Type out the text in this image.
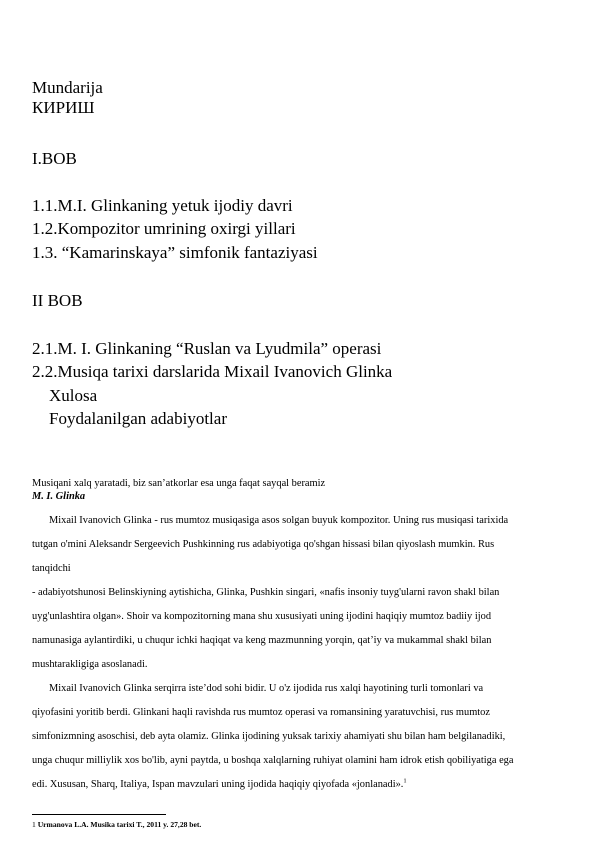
Mundarija
КИРИШ
I.BOB
1.1.M.I. Glinkaning yetuk ijodiy davri
1.2.Kompozitor umrining oxirgi yillari
1.3. “Kamarinskaya” simfonik fantaziyasi
II BOB
2.1.M. I. Glinkaning “Ruslan va Lyudmila” operasi
2.2.Musiqa tarixi darslarida Mixail Ivanovich Glinka
Xulosa
Foydalanilgan adabiyotlar
Musiqani xalq yaratadi, biz san’atkorlar esa unga faqat sayqal beramiz
M. I. Glinka
Mixail Ivanovich Glinka - rus mumtoz musiqasiga asos solgan buyuk kompozitor. Uning rus musiqasi tarixida
tutgan o'mini Aleksandr Sergeevich Pushkinning rus adabiyotiga qo'shgan hissasi bilan qiyoslash mumkin. Rus
tanqidchi
- adabiyotshunosi Belinskiyning aytishicha, Glinka, Pushkin singari, «nafis insoniy tuyg'ularni ravon shakl bilan
uyg'unlashtira olgan». Shoir va kompozitorning mana shu xususiyati uning ijodini haqiqiy mumtoz badiiy ijod
namunasiga aylantirdiki, u chuqur ichki haqiqat va keng mazmunning yorqin, qat’iy va mukammal shakl bilan
mushtarakligiga asoslanadi.
Mixail Ivanovich Glinka serqirra iste’dod sohi bidir. U o'z ijodida rus xalqi hayotining turli tomonlari va
qiyofasini yoritib berdi. Glinkani haqli ravishda rus mumtoz operasi va romansining yaratuvchisi, rus mumtoz
simfonizmning asoschisi, deb ayta olamiz. Glinka ijodining yuksak tarixiy ahamiyati shu bilan ham belgilanadiki,
unga chuqur milliylik xos bo'lib, ayni paytda, u boshqa xalqlarning ruhiyat olamini ham idrok etish qobiliyatiga ega
edi. Xususan, Sharq, Italiya, Ispan mavzulari uning ijodida haqiqiy qiyofada «jonlanadi».$^1$
1 Urmanova L.A. Musika tarixi T., 2011 y. 27,28 bet.
